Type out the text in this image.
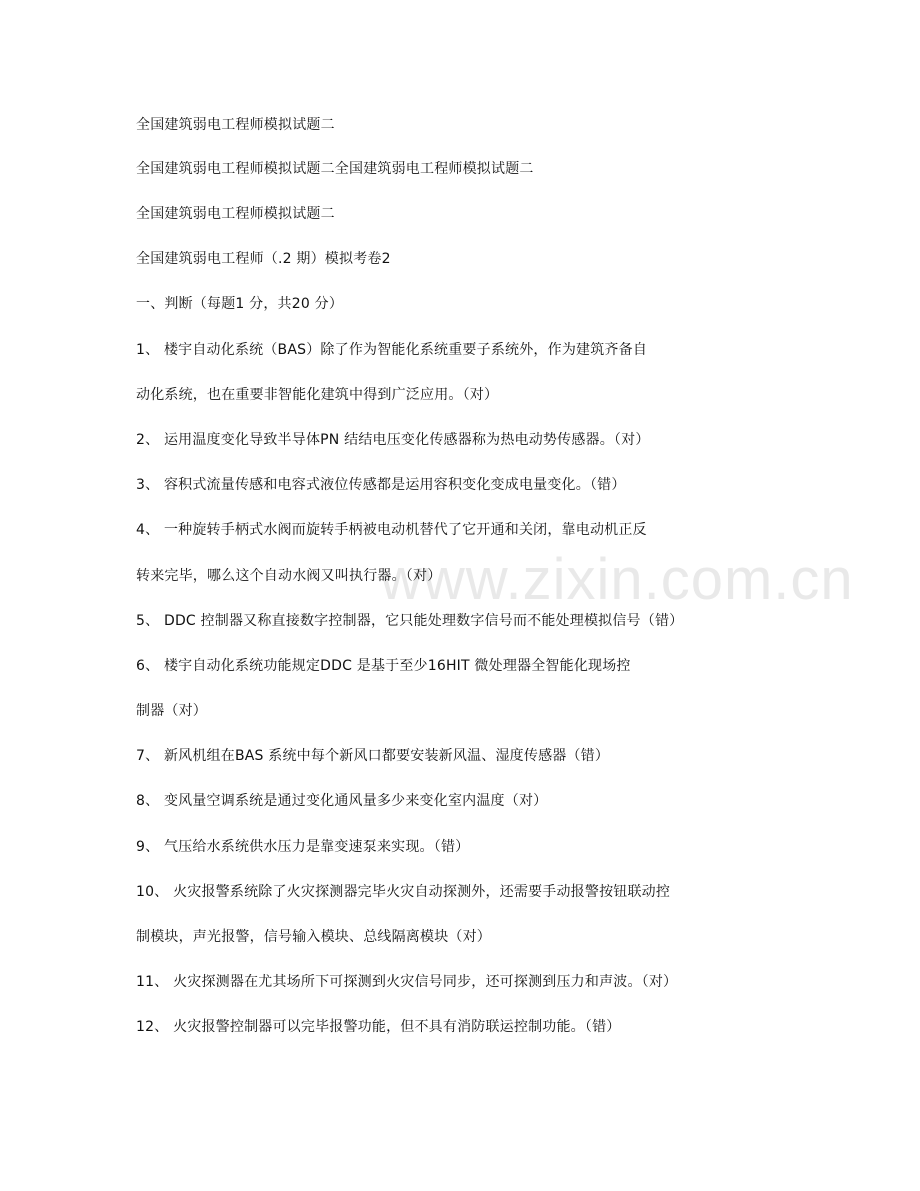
www.zixin.com.cn
全国建筑弱电工程师模拟试题二
全国建筑弱电工程师模拟试题二全国建筑弱电工程师模拟试题二
全国建筑弱电工程师模拟试题二
全国建筑弱电工程师（.2 期）模拟考卷2
一、判断（每题1 分，共20 分）
1、 楼宇自动化系统（BAS）除了作为智能化系统重要子系统外，作为建筑齐备自
动化系统，也在重要非智能化建筑中得到广泛应用。（对）
2、 运用温度变化导致半导体PN 结结电压变化传感器称为热电动势传感器。（对）
3、 容积式流量传感和电容式液位传感都是运用容积变化变成电量变化。（错）
4、 一种旋转手柄式水阀而旋转手柄被电动机替代了它开通和关闭，靠电动机正反
转来完毕，哪么这个自动水阀又叫执行器。（对）
5、 DDC 控制器又称直接数字控制器，它只能处理数字信号而不能处理模拟信号（错）
6、 楼宇自动化系统功能规定DDC 是基于至少16HIT 微处理器全智能化现场控
制器（对）
7、 新风机组在BAS 系统中每个新风口都要安装新风温、湿度传感器（错）
8、 变风量空调系统是通过变化通风量多少来变化室内温度（对）
9、 气压给水系统供水压力是靠变速泵来实现。（错）
10、 火灾报警系统除了火灾探测器完毕火灾自动探测外，还需要手动报警按钮联动控
制模块，声光报警，信号输入模块、总线隔离模块（对）
11、 火灾探测器在尤其场所下可探测到火灾信号同步，还可探测到压力和声波。（对）
12、 火灾报警控制器可以完毕报警功能，但不具有消防联运控制功能。（错）
